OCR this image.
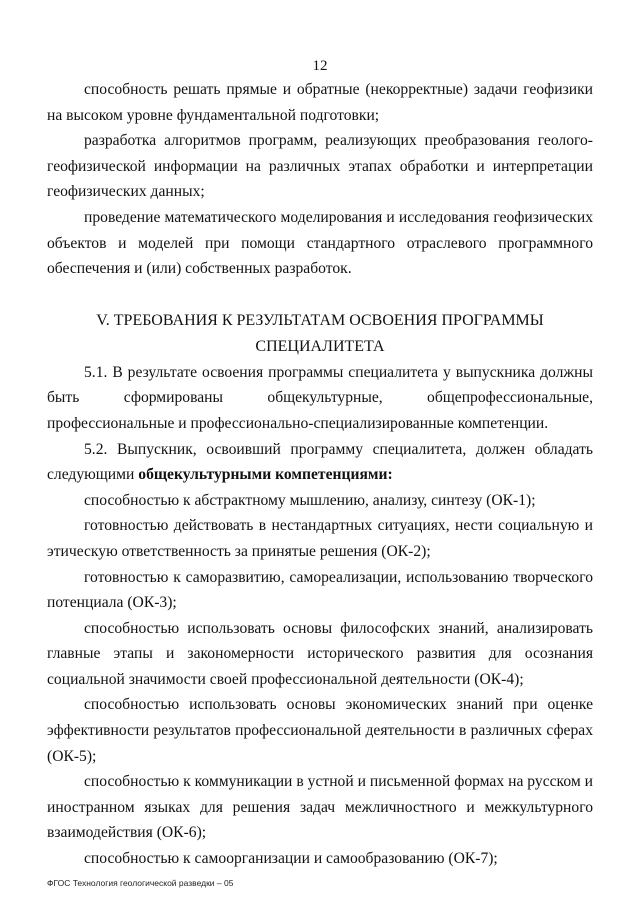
12

способность решать прямые и обратные (некорректные) задачи геофизики на высоком уровне фундаментальной подготовки;

разработка алгоритмов программ, реализующих преобразования геолого-геофизической информации на различных этапах обработки и интерпретации геофизических данных;

проведение математического моделирования и исследования геофизических объектов и моделей при помощи стандартного отраслевого программного обеспечения и (или) собственных разработок.

V. ТРЕБОВАНИЯ К РЕЗУЛЬТАТАМ ОСВОЕНИЯ ПРОГРАММЫ
СПЕЦИАЛИТЕТА

5.1. В результате освоения программы специалитета у выпускника должны быть сформированы общекультурные, общепрофессиональные, профессиональные и профессионально-специализированные компетенции.

5.2. Выпускник, освоивший программу специалитета, должен обладать следующими общекультурными компетенциями:

способностью к абстрактному мышлению, анализу, синтезу (ОК-1);

готовностью действовать в нестандартных ситуациях, нести социальную и этическую ответственность за принятые решения (ОК-2);

готовностью к саморазвитию, самореализации, использованию творческого потенциала (ОК-3);

способностью использовать основы философских знаний, анализировать главные этапы и закономерности исторического развития для осознания социальной значимости своей профессиональной деятельности (ОК-4);

способностью использовать основы экономических знаний при оценке эффективности результатов профессиональной деятельности в различных сферах (ОК-5);

способностью к коммуникации в устной и письменной формах на русском и иностранном языках для решения задач межличностного и межкультурного взаимодействия (ОК-6);

способностью к самоорганизации и самообразованию (ОК-7);

ФГОС Технология геологической разведки – 05
